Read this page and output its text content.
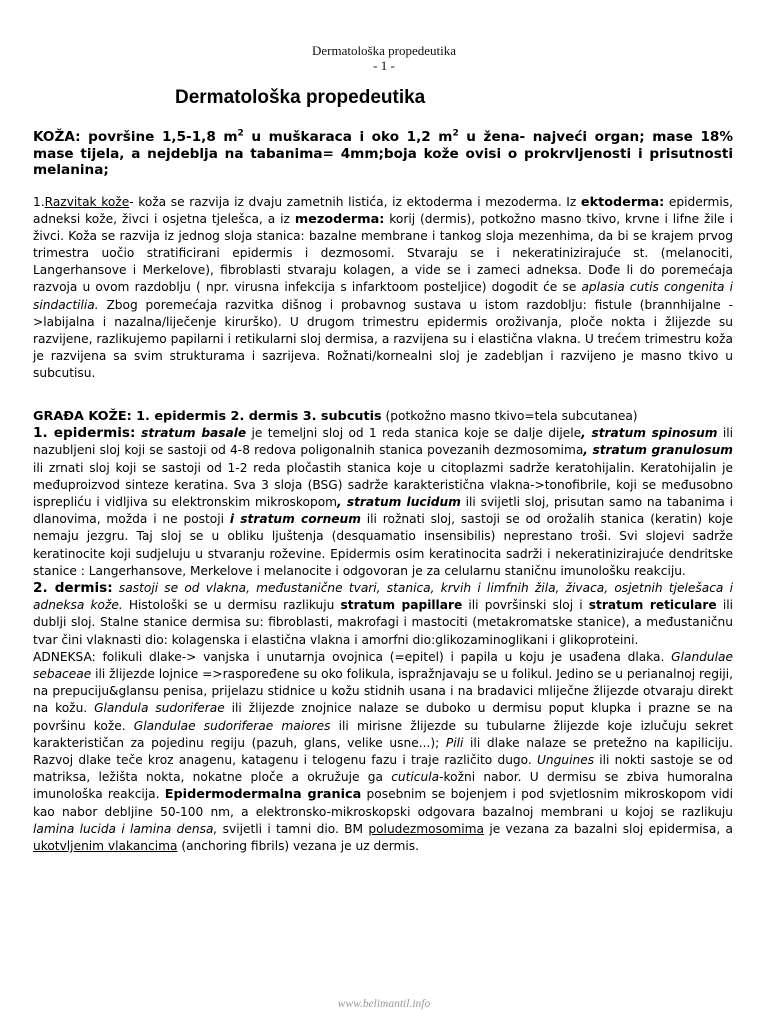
Dermatološka propedeutika
- 1 -
Dermatološka propedeutika

KOŽA: površine 1,5-1,8 $m^2$ u muškaraca i oko 1,2 $m^2$ u žena- najveći organ; mase 18% mase tijela, a nejdeblja na tabanima= 4mm;boja kože ovisi o prokrvljenosti i prisutnosti melanina;

1.Razvitak kože- koža se razvija iz dvaju zametnih listića, iz ektoderma i mezoderma. Iz ektoderma: epidermis, adneksi kože, živci i osjetna tjelešca, a iz mezoderma: korij (dermis), potkožno masno tkivo, krvne i lifne žile i živci. Koža se razvija iz jednog sloja stanica: bazalne membrane i tankog sloja mezenhima, da bi se krajem prvog trimestra uočio stratificirani epidermis i dezmosomi. Stvaraju se i nekeratinizirajuće st. (melanociti, Langerhansove i Merkelove), fibroblasti stvaraju kolagen, a vide se i zameci adneksa. Dođe li do poremećaja razvoja u ovom razdoblju ( npr. virusna infekcija s infarktoom posteljice) dogodit će se aplasia cutis congenita i sindactilia. Zbog poremećaja razvitka dišnog i probavnog sustava u istom razdoblju: fistule (brannhijalne ->labijalna i nazalna/liječenje kirurško). U drugom trimestru epidermis oroživanja, ploče nokta i žlijezde su razvijene, razlikujemo papilarni i retikularni sloj dermisa, a razvijena su i elastična vlakna. U trećem trimestru koža je razvijena sa svim strukturama i sazrijeva. Rožnati/kornealni sloj je zadebljan i razvijeno je masno tkivo u subcutisu.

GRAĐA KOŽE: 1. epidermis 2. dermis 3. subcutis (potkožno masno tkivo=tela subcutanea)
1. epidermis: stratum basale je temeljni sloj od 1 reda stanica koje se dalje dijele, stratum spinosum ili nazubljeni sloj koji se sastoji od 4-8 redova poligonalnih stanica povezanih dezmosomima, stratum granulosum ili zrnati sloj koji se sastoji od 1-2 reda pločastih stanica koje u citoplazmi sadrže keratohijalin. Keratohijalin je međuproizvod sinteze keratina. Sva 3 sloja (BSG) sadrže karakteristična vlakna->tonofibrile, koji se međusobno isprepliću i vidljiva su elektronskim mikroskopom, stratum lucidum ili svijetli sloj, prisutan samo na tabanima i dlanovima, možda i ne postoji i stratum corneum ili rožnati sloj, sastoji se od orožalih stanica (keratin) koje nemaju jezgru. Taj sloj se u obliku ljuštenja (desquamatio insensibilis) neprestano troši. Svi slojevi sadrže keratinocite koji sudjeluju u stvaranju roževine. Epidermis osim keratinocita sadrži i nekeratinizirajuće dendritske stanice : Langerhansove, Merkelove i melanocite i odgovoran je za celularnu staničnu imunološku reakciju.
2. dermis: sastoji se od vlakna, međustanične tvari, stanica, krvih i limfnih žila, živaca, osjetnih tjelešaca i adneksa kože. Histološki se u dermisu razlikuju stratum papillare ili površinski sloj i stratum reticulare ili dublji sloj. Stalne stanice dermisa su: fibroblasti, makrofagi i mastociti (metakromatske stanice), a međustaničnu tvar čini vlaknasti dio: kolagenska i elastična vlakna i amorfni dio:glikozaminoglikani i glikoproteini.
ADNEKSA: folikuli dlake-> vanjska i unutarnja ovojnica (=epitel) i papila u koju je usađena dlaka. Glandulae sebaceae ili žlijezde lojnice =>raspoređene su oko folikula, ispražnjavaju se u folikul. Jedino se u perianalnoj regiji, na prepuciju&glansu penisa, prijelazu stidnice u kožu stidnih usana i na bradavici mliječne žlijezde otvaraju direkt na kožu. Glandula sudoriferae ili žlijezde znojnice nalaze se duboko u dermisu poput klupka i prazne se na površinu kože. Glandulae sudoriferae maiores ili mirisne žlijezde su tubularne žlijezde koje izlučuju sekret karakterističan za pojedinu regiju (pazuh, glans, velike usne...); Pili ili dlake nalaze se pretežno na kapiliciju. Razvoj dlake teče kroz anagenu, katagenu i telogenu fazu i traje različito dugo. Unguines ili nokti sastoje se od matriksa, ležišta nokta, nokatne ploče a okružuje ga cuticula-kožni nabor. U dermisu se zbiva humoralna imunološka reakcija. Epidermodermalna granica posebnim se bojenjem i pod svjetlosnim mikroskopom vidi kao nabor debljine 50-100 nm, a elektronsko-mikroskopski odgovara bazalnoj membrani u kojoj se razlikuju lamina lucida i lamina densa, svijetli i tamni dio. BM poludezmosomima je vezana za bazalni sloj epidermisa, a ukotvljenim vlakancima (anchoring fibrils) vezana je uz dermis.

www.belimantil.info
